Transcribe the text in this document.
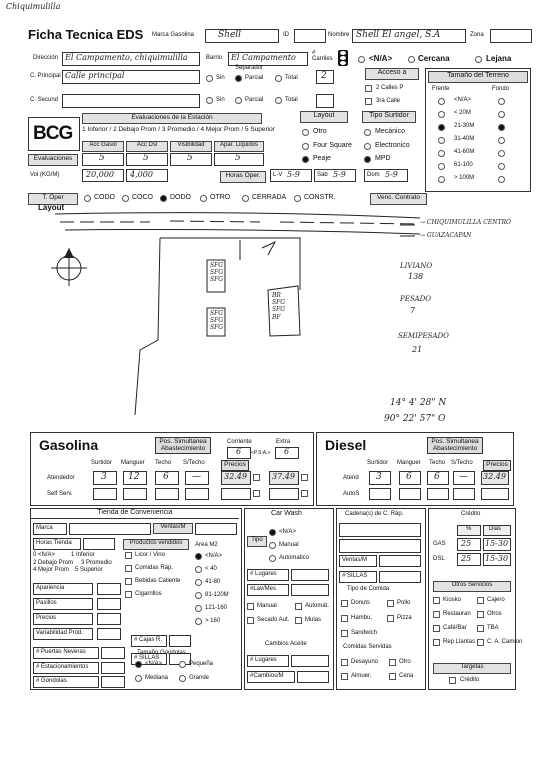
Chiquimulilla
Ficha Tecnica EDS Marca Gasolina	Shell	ID	Nombre Shell El angel, S.A	Zona
Dirección El Campamento, chiquimulilla	Barrio El Campamento	# Carriles	<N/A>	Cercana	Lejana
C. Principal Calle principal
Separador
Sin	Parcial	Total	2	Acceso a
2 Calles P
3ra Calle
C. Secund	Sin	Parcial	Total
Tamaño del Terreno
Frente	Fondo
<N/A>
< 20M
21-30M
31-40M
41-60M
61-100
> 100M
BCG
Evaluaciones de la Estación
1 Inferior / 2 Debajo Prom / 3 Promedio / 4 Mejor Prom / 5 Superior
Acc Gasol	Acc Dsl	Visibilidad	Apar. Liquidos
Evaluaciones	5	5	5	5
Vol (KG/M)	20,000 4,000	Horas Oper.	L-V 5-9	Sab 5-9	Dom 5-9
Layout	Tipo Surtidor
Otro
Four Square
Peaje
Mecánico
Electronico
MPD
T. Oper	CODO COCO DODO	OTRO	CERRADA	CONSTR.	Venc. Contrato
Layout
→ CHIQUIMULILLA CENTRO
→ GUAZACAPAN
SFG
SFG
SFG
SFG
SFG
SFG
BR
SFG
SFG
BF
LIVIANO
138
PESADO
7
SEMIPESADO
21
14° 4' 28" N
90° 22' 57" O
Gasolina	Pos. Simultanea Abastecimiento
Corriente	Extra
6 <P.S.A.> 6
Surtidor Manguer Techo S/Techo	Precios
Atendedor	3 12	6	—	32.49	37.49
Self Serv.
Diesel	Pos. Simultanea Abastecimiento
Surtidor Manguer Techo S/Techo	Precios
Atend 3	6 6 — 32.49
AutoS
Tienda de Conveniencia
Marca	Ventas/M
Horas Tienda	Productos vendidos	Area M2
0 <N/A>	1 Inferior
2 Debajo Prom 3 Promedio
4 Mejor Prom 5 Superior
Licor / Vino
Comidas Ráp.
Bebidas Caliente
Cigarrillos
<N/A>
< 40
41-80
81-120M
121-160
> 160
Apariencia
Pasillos
Precios
Variabilidad Prod.
# Cajas R.
# SILLAS
# Puertas Neveras
# Estacionamientos
# Gondolas
Tamaño Gondolas
<N/A>	Pequeña
Mediana	Grande
Car Wash
Tipo
<N/A>
Manual
Automatico
# Lugares
#Lav/Mes
Manual	Automát.
Secado Aut.	Mulas
Cambios Aceite
# Lugares
#Cambios/M
Cadena(s) de C. Ráp.
Ventas/M
# SILLAS
Tipo de Comida
Donuts	Pollo
Hambu.	Pizza
Sandwich
Comidas Servidas
Desayuno	Otro
Almuer.	Cena
Crédito
%	Dias
GAS 25 15-30
DSL 25 15-30
Otros Servicios
Kiosko	Cajero
Restauran	Otros
Café/Bar	TBA
Rep Llantas C. A. Camion
Targetas
Crédito
